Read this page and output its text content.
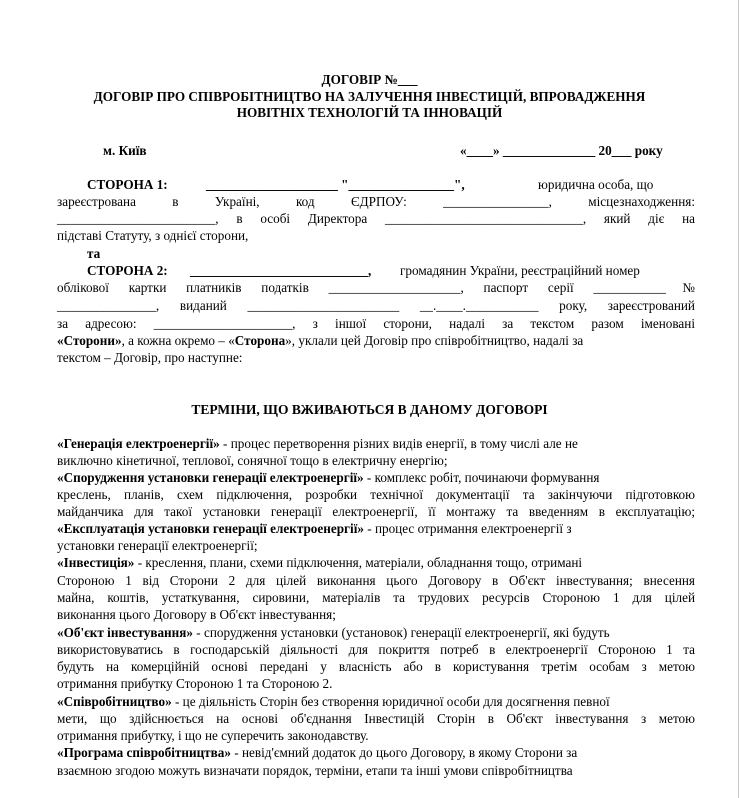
ДОГОВІР №___
ДОГОВІР ПРО СПІВРОБІТНИЦТВО НА ЗАЛУЧЕННЯ ІНВЕСТИЦІЙ, ВПРОВАДЖЕННЯ
НОВІТНІХ ТЕХНОЛОГІЙ ТА ІННОВАЦІЙ
м. Київ	«____» ______________ 20___ року
СТОРОНА 1:	____________________ "________________",	юридична особа, що
зареєстрована в Україні, код ЄДРПОУ: ________________, місцезнаходження:
________________________, в особі Директора ______________________________, який діє на
підставі Статуту, з однієї сторони,
та
СТОРОНА 2: ___________________________, громадянин України, реєстраційний номер
облікової картки платників податків ____________________, паспорт серії ___________№
_______________, виданий _______________________ __.____.___________ року, зареєстрований
за адресою: _____________________, з іншої сторони, надалі за текстом разом іменовані
«Сторони», а кожна окремо – «Сторона», уклали цей Договір про співробітництво, надалі за
текстом – Договір, про наступне:
ТЕРМІНИ, ЩО ВЖИВАЮТЬСЯ В ДАНОМУ ДОГОВОРІ
«Генерація електроенергії» - процес перетворення різних видів енергії, в тому числі але не
виключно кінетичної, теплової, сонячної тощо в електричну енергію;
«Спорудження установки генерації електроенергії» - комплекс робіт, починаючи формування
креслень, планів, схем підключення, розробки технічної документації та закінчуючи підготовкою
майданчика для такої установки генерації електроенергії, її монтажу та введенням в експлуатацію;
«Експлуатація установки генерації електроенергії» - процес отримання електроенергії з
установки генерації електроенергії;
«Інвестиція» - креслення, плани, схеми підключення, матеріали, обладнання тощо, отримані
Стороною 1 від Сторони 2 для цілей виконання цього Договору в Об'єкт інвестування; внесення
майна, коштів, устаткування, сировини, матеріалів та трудових ресурсів Стороною 1 для цілей
виконання цього Договору в Об'єкт інвестування;
«Об'єкт інвестування» - спорудження установки (установок) генерації електроенергії, які будуть
використовуватись в господарській діяльності для покриття потреб в електроенергії Стороною 1 та
будуть на комерційній основі передані у власність або в користування третім особам з метою
отримання прибутку Стороною 1 та Стороною 2.
«Співробітництво» - це діяльність Сторін без створення юридичної особи для досягнення певної
мети, що здійснюється на основі об'єднання Інвестицій Сторін в Об'єкт інвестування з метою
отримання прибутку, і що не суперечить законодавству.
«Програма співробітництва» - невід'ємний додаток до цього Договору, в якому Сторони за
взаємною згодою можуть визначати порядок, терміни, етапи та інші умови співробітництва
